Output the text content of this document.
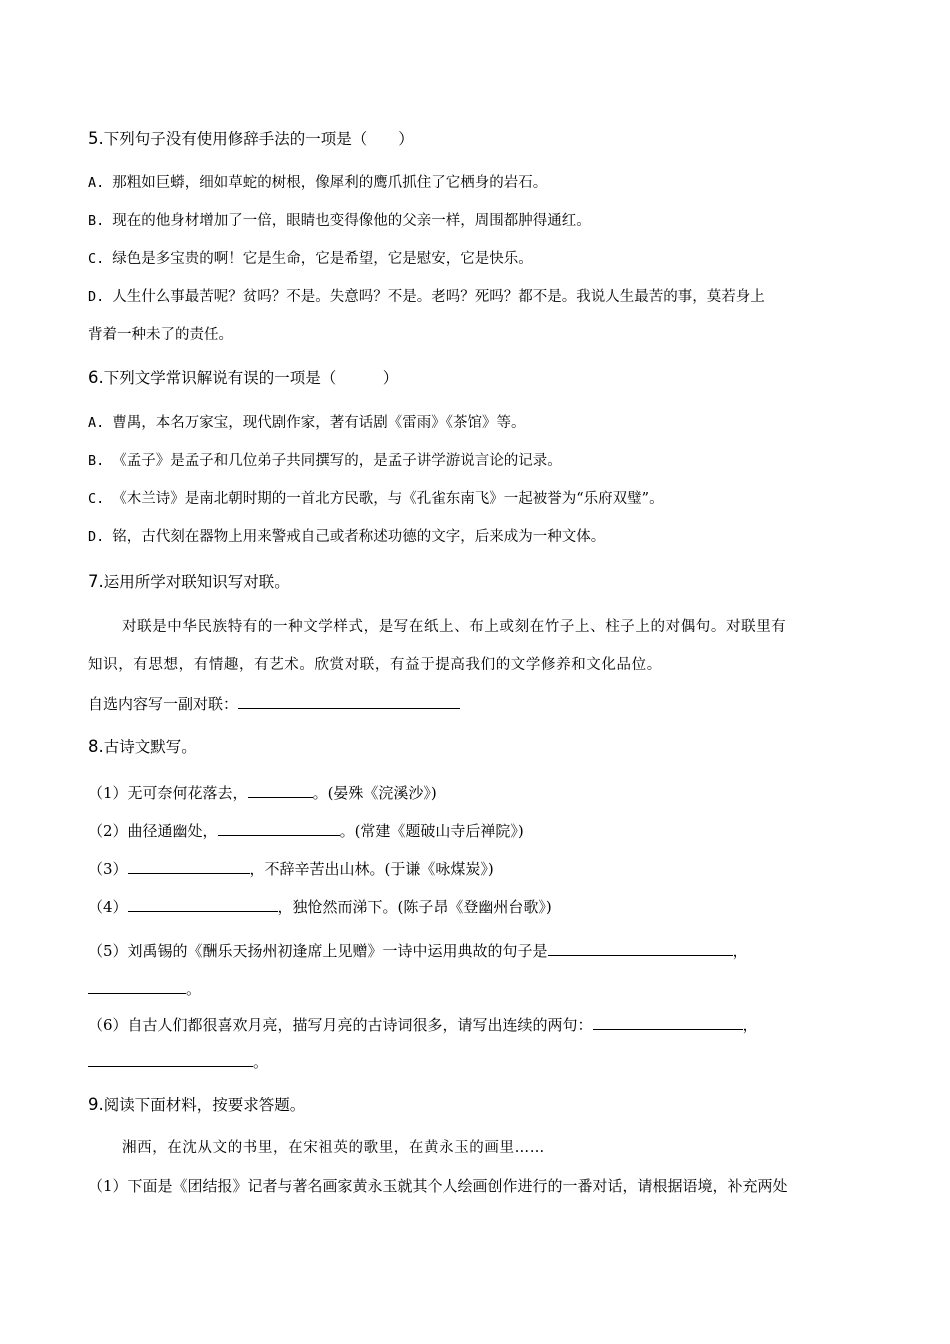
5.下列句子没有使用修辞手法的一项是（　　）
A. 那粗如巨蟒，细如草蛇的树根，像犀利的鹰爪抓住了它栖身的岩石。
B. 现在的他身材增加了一倍，眼睛也变得像他的父亲一样，周围都肿得通红。
C. 绿色是多宝贵的啊！它是生命，它是希望，它是慰安，它是快乐。
D. 人生什么事最苦呢？贫吗？不是。失意吗？不是。老吗？死吗？都不是。我说人生最苦的事，莫若身上
背着一种未了的责任。
6.下列文学常识解说有误的一项是（　　　）
A. 曹禺，本名万家宝，现代剧作家，著有话剧《雷雨》《茶馆》等。
B. 《孟子》是孟子和几位弟子共同撰写的，是孟子讲学游说言论的记录。
C. 《木兰诗》是南北朝时期的一首北方民歌，与《孔雀东南飞》一起被誉为“乐府双璧”。
D. 铭，古代刻在器物上用来警戒自己或者称述功德的文字，后来成为一种文体。
7.运用所学对联知识写对联。
对联是中华民族特有的一种文学样式，是写在纸上、布上或刻在竹子上、柱子上的对偶句。对联里有
知识，有思想，有情趣，有艺术。欣赏对联，有益于提高我们的文学修养和文化品位。
自选内容写一副对联：
8.古诗文默写。
（1）无可奈何花落去，	。(晏殊《浣溪沙》)
（2）曲径通幽处，	。(常建《题破山寺后禅院》)
（3）	，不辞辛苦出山林。(于谦《咏煤炭》)
（4）	，独怆然而涕下。(陈子昂《登幽州台歌》)
（5）刘禹锡的《酬乐天扬州初逢席上见赠》一诗中运用典故的句子是	，
。
（6）自古人们都很喜欢月亮，描写月亮的古诗词很多，请写出连续的两句：	，
。
9.阅读下面材料，按要求答题。
湘西，在沈从文的书里，在宋祖英的歌里，在黄永玉的画里……
（1）下面是《团结报》记者与著名画家黄永玉就其个人绘画创作进行的一番对话，请根据语境，补充两处
